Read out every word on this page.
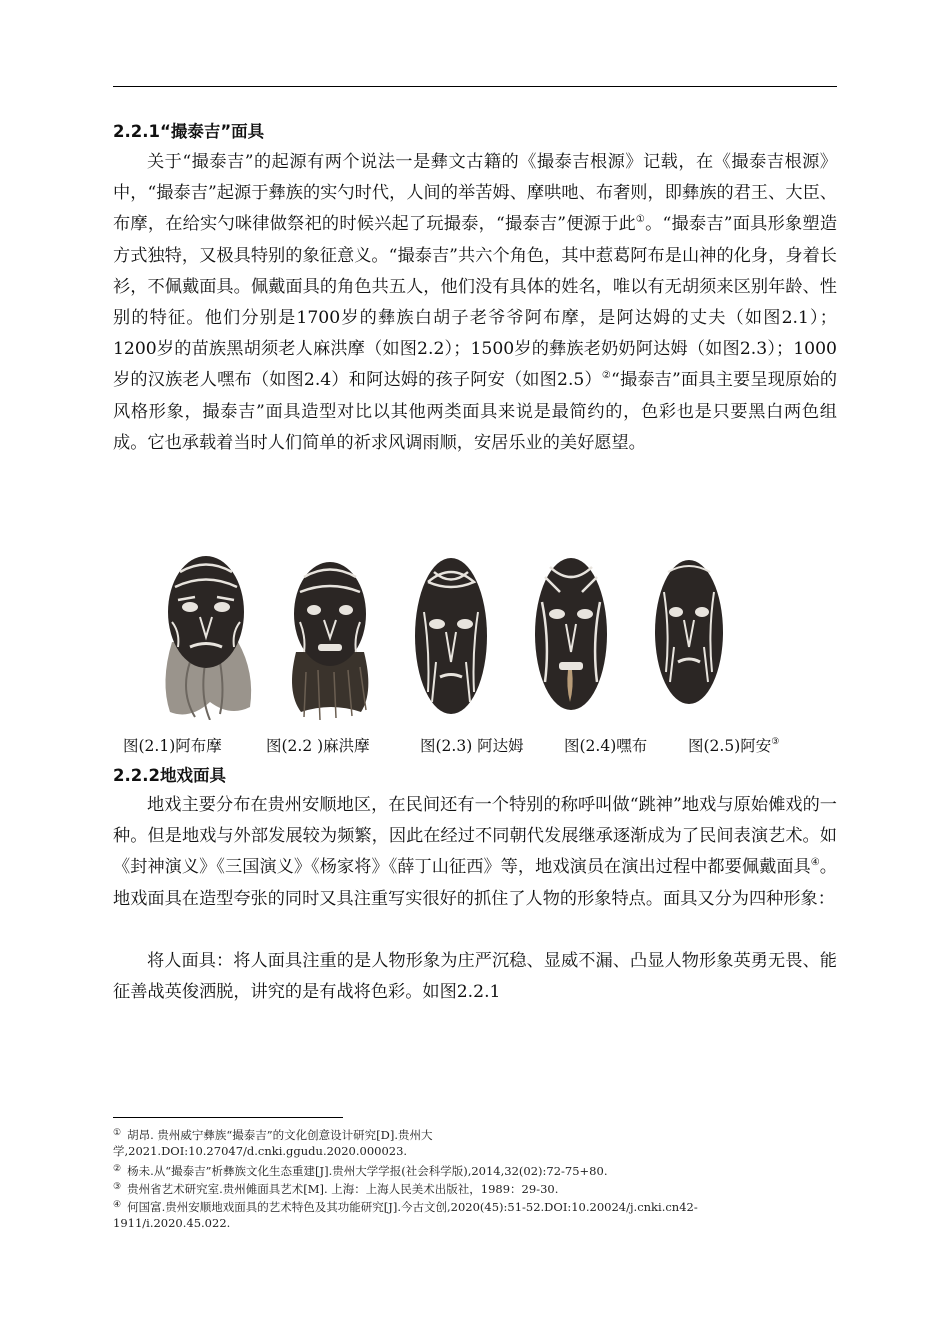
2.2.1“撮泰吉”面具
关于“撮泰吉”的起源有两个说法一是彝文古籍的《撮泰吉根源》记载，在《撮泰吉根源》中，“撮泰吉”起源于彝族的实勺时代，人间的举苦姆、摩哄吔、布奢则，即彝族的君王、大臣、布摩，在给实勺咪律做祭祀的时候兴起了玩撮泰，“撮泰吉”便源于此①。“撮泰吉”面具形象塑造方式独特，又极具特别的象征意义。“撮泰吉”共六个角色，其中惹葛阿布是山神的化身，身着长衫，不佩戴面具。佩戴面具的角色共五人，他们没有具体的姓名，唯以有无胡须来区别年龄、性别的特征。他们分别是1700岁的彝族白胡子老爷爷阿布摩，是阿达姆的丈夫（如图2.1）；1200岁的苗族黑胡须老人麻洪摩（如图2.2）；1500岁的彝族老奶奶阿达姆（如图2.3）；1000岁的汉族老人嘿布（如图2.4）和阿达姆的孩子阿安（如图2.5）②“撮泰吉”面具主要呈现原始的风格形象，撮泰吉”面具造型对比以其他两类面具来说是最简约的，色彩也是只要黑白两色组成。它也承载着当时人们简单的祈求风调雨顺，安居乐业的美好愿望。
图(2.1)阿布摩	图(2.2 )麻洪摩	图(2.3) 阿达姆	图(2.4)嘿布	图(2.5)阿安③
2.2.2地戏面具
地戏主要分布在贵州安顺地区，在民间还有一个特别的称呼叫做“跳神”地戏与原始傩戏的一种。但是地戏与外部发展较为频繁，因此在经过不同朝代发展继承逐渐成为了民间表演艺术。如《封神演义》《三国演义》《杨家将》《薛丁山征西》等，地戏演员在演出过程中都要佩戴面具④。地戏面具在造型夸张的同时又具注重写实很好的抓住了人物的形象特点。面具又分为四种形象：
将人面具：将人面具注重的是人物形象为庄严沉稳、显威不漏、凸显人物形象英勇无畏、能征善战英俊洒脱，讲究的是有战将色彩。如图2.2.1
① 胡昂. 贵州威宁彝族“撮泰吉”的文化创意设计研究[D].贵州大
学,2021.DOI:10.27047/d.cnki.ggudu.2020.000023.
② 杨未.从“撮泰吉”析彝族文化生态重建[J].贵州大学学报(社会科学版),2014,32(02):72-75+80.
③ 贵州省艺术研究室.贵州傩面具艺术[M]. 上海：上海人民美术出版社，1989：29-30.
④ 何国富.贵州安顺地戏面具的艺术特色及其功能研究[J].今古文创,2020(45):51-52.DOI:10.20024/j.cnki.cn42-
1911/i.2020.45.022.
